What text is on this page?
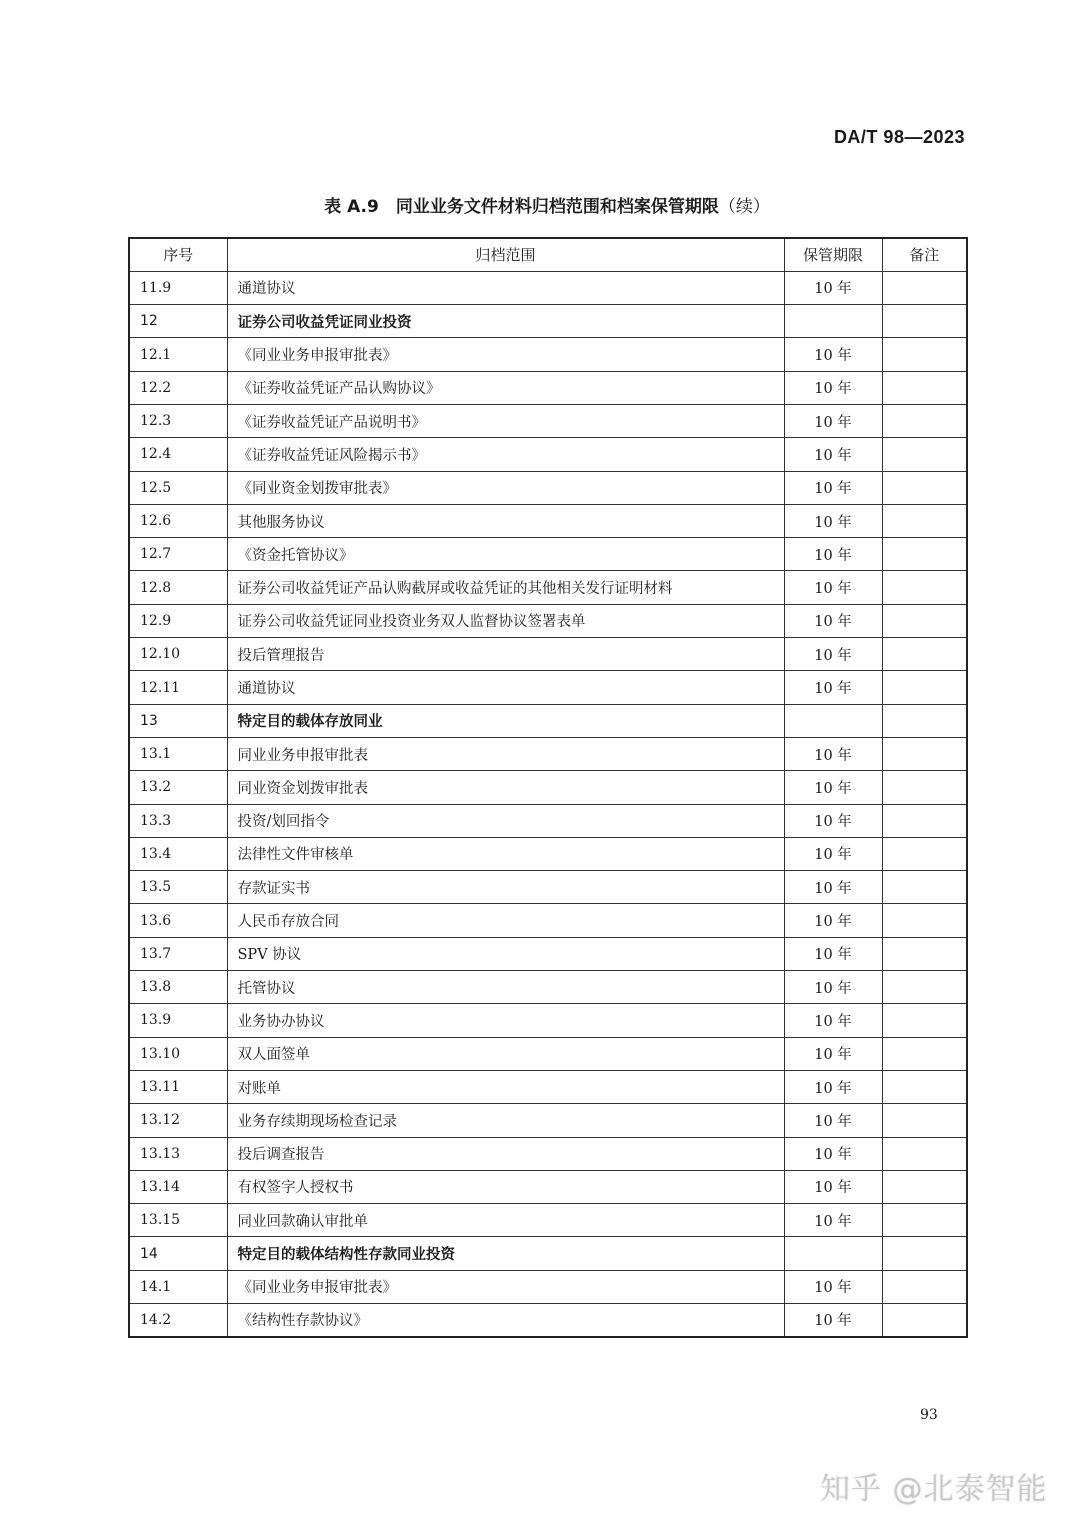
DA/T 98—2023
表 A.9　同业业务文件材料归档范围和档案保管期限（续）
序号	归档范围	保管期限	备注
11.9	通道协议	10 年	
12	证券公司收益凭证同业投资		
12.1	《同业业务申报审批表》	10 年	
12.2	《证券收益凭证产品认购协议》	10 年	
12.3	《证券收益凭证产品说明书》	10 年	
12.4	《证券收益凭证风险揭示书》	10 年	
12.5	《同业资金划拨审批表》	10 年	
12.6	其他服务协议	10 年	
12.7	《资金托管协议》	10 年	
12.8	证券公司收益凭证产品认购截屏或收益凭证的其他相关发行证明材料	10 年	
12.9	证券公司收益凭证同业投资业务双人监督协议签署表单	10 年	
12.10	投后管理报告	10 年	
12.11	通道协议	10 年	
13	特定目的载体存放同业		
13.1	同业业务申报审批表	10 年	
13.2	同业资金划拨审批表	10 年	
13.3	投资/划回指令	10 年	
13.4	法律性文件审核单	10 年	
13.5	存款证实书	10 年	
13.6	人民币存放合同	10 年	
13.7	SPV 协议	10 年	
13.8	托管协议	10 年	
13.9	业务协办协议	10 年	
13.10	双人面签单	10 年	
13.11	对账单	10 年	
13.12	业务存续期现场检查记录	10 年	
13.13	投后调查报告	10 年	
13.14	有权签字人授权书	10 年	
13.15	同业回款确认审批单	10 年	
14	特定目的载体结构性存款同业投资		
14.1	《同业业务申报审批表》	10 年	
14.2	《结构性存款协议》	10 年	
93
知乎 @北泰智能
